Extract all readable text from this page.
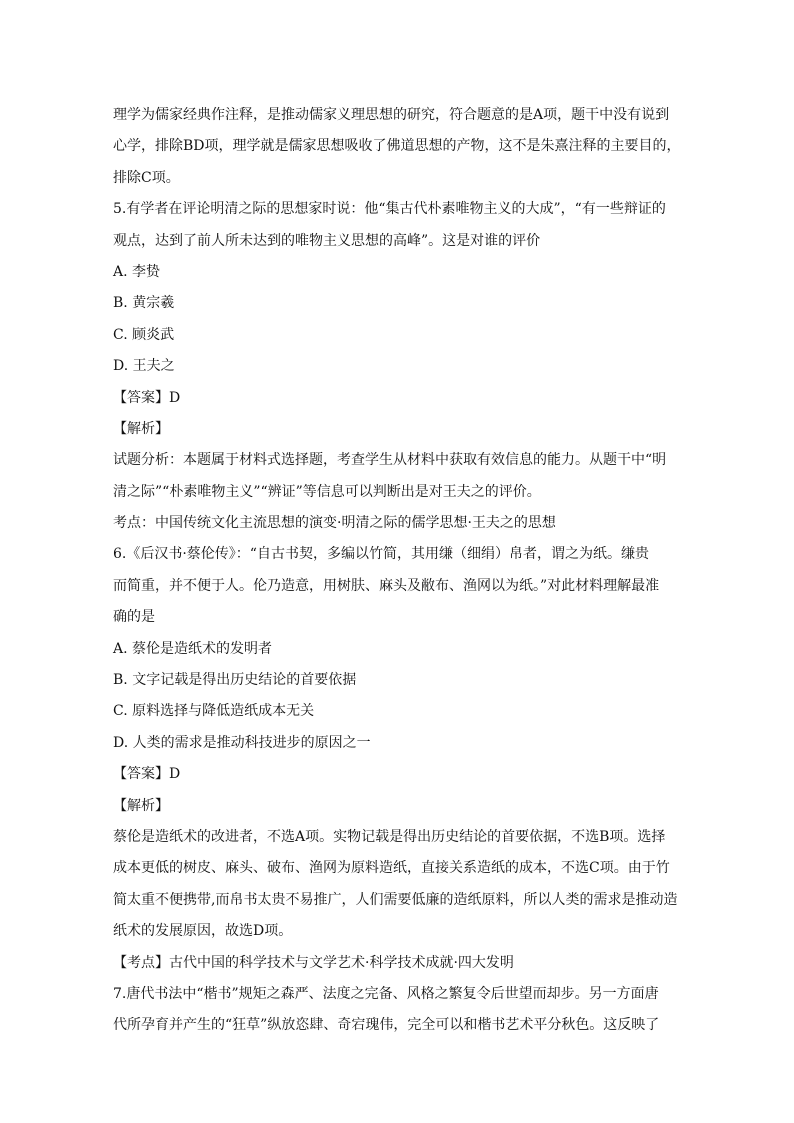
理学为儒家经典作注释，是推动儒家义理思想的研究，符合题意的是A项，题干中没有说到
心学，排除BD项，理学就是儒家思想吸收了佛道思想的产物，这不是朱熹注释的主要目的，
排除C项。
5.有学者在评论明清之际的思想家时说：他“集古代朴素唯物主义的大成”，“有一些辩证的
观点，达到了前人所未达到的唯物主义思想的高峰”。这是对谁的评价
A. 李贽
B. 黄宗羲
C. 顾炎武
D. 王夫之
【答案】D
【解析】
试题分析：本题属于材料式选择题，考查学生从材料中获取有效信息的能力。从题干中“明
清之际”“朴素唯物主义”“辨证”等信息可以判断出是对王夫之的评价。
考点：中国传统文化主流思想的演变·明清之际的儒学思想·王夫之的思想
6.《后汉书·蔡伦传》：“自古书契，多编以竹简，其用缣（细绢）帛者，谓之为纸。缣贵
而简重，并不便于人。伦乃造意，用树肤、麻头及敝布、渔网以为纸。”对此材料理解最准
确的是
A. 蔡伦是造纸术的发明者
B. 文字记载是得出历史结论的首要依据
C. 原料选择与降低造纸成本无关
D. 人类的需求是推动科技进步的原因之一
【答案】D
【解析】
蔡伦是造纸术的改进者，不选A项。实物记载是得出历史结论的首要依据，不选B项。选择
成本更低的树皮、麻头、破布、渔网为原料造纸，直接关系造纸的成本，不选C项。由于竹
简太重不便携带,而帛书太贵不易推广，人们需要低廉的造纸原料，所以人类的需求是推动造
纸术的发展原因，故选D项。
【考点】古代中国的科学技术与文学艺术·科学技术成就·四大发明
7.唐代书法中“楷书”规矩之森严、法度之完备、风格之繁复令后世望而却步。另一方面唐
代所孕育并产生的“狂草”纵放恣肆、奇宕瑰伟，完全可以和楷书艺术平分秋色。这反映了
